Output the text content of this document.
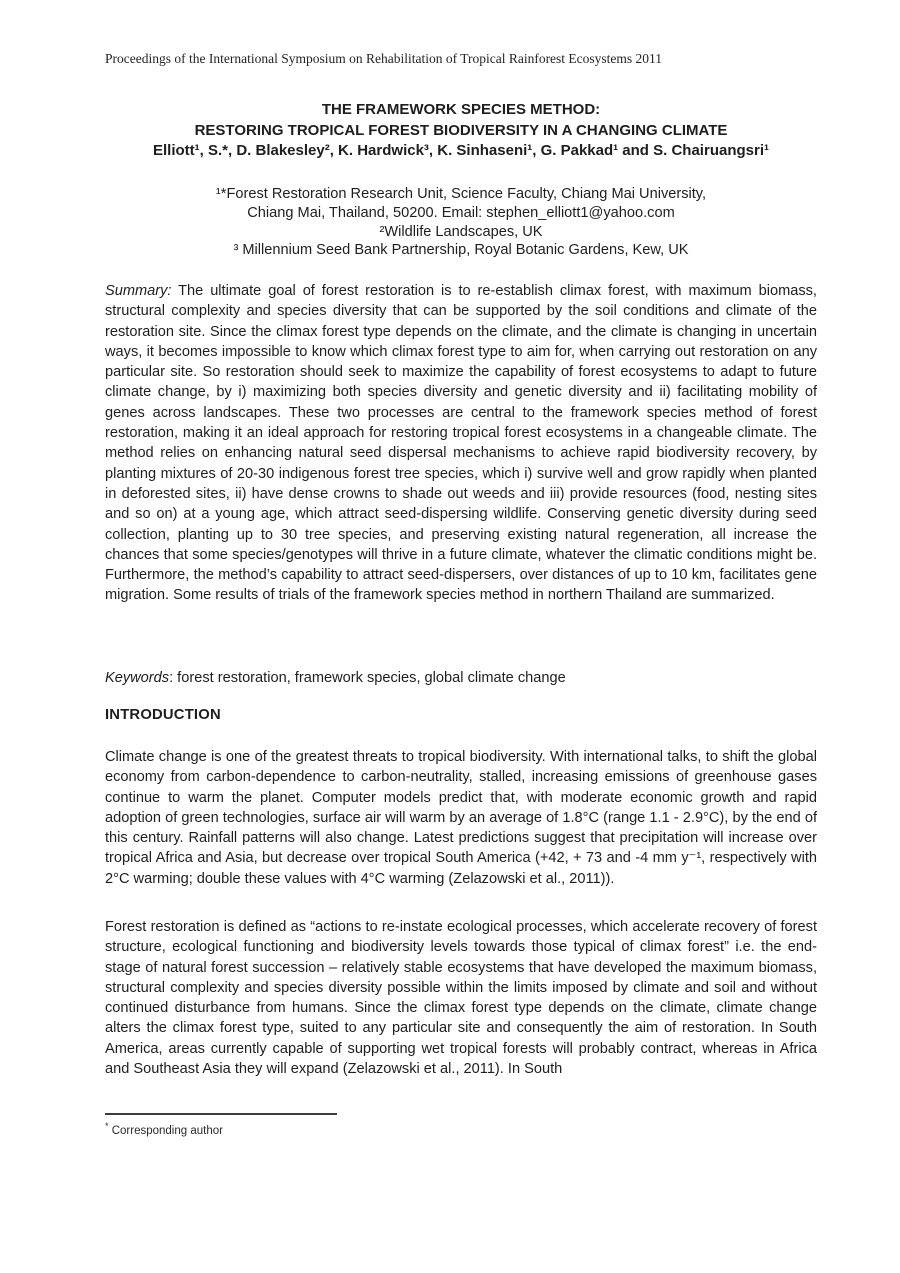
Proceedings of the International Symposium on Rehabilitation of Tropical Rainforest Ecosystems 2011
THE FRAMEWORK SPECIES METHOD:
RESTORING TROPICAL FOREST BIODIVERSITY IN A CHANGING CLIMATE
Elliott¹, S.*, D. Blakesley², K. Hardwick³, K. Sinhaseni¹, G. Pakkad¹ and S. Chairuangsri¹
¹*Forest Restoration Research Unit, Science Faculty, Chiang Mai University,
Chiang Mai, Thailand, 50200. Email: stephen_elliott1@yahoo.com
²Wildlife Landscapes, UK
³ Millennium Seed Bank Partnership, Royal Botanic Gardens, Kew, UK

Summary: The ultimate goal of forest restoration is to re-establish climax forest, with maximum biomass, structural complexity and species diversity that can be supported by the soil conditions and climate of the restoration site. Since the climax forest type depends on the climate, and the climate is changing in uncertain ways, it becomes impossible to know which climax forest type to aim for, when carrying out restoration on any particular site. So restoration should seek to maximize the capability of forest ecosystems to adapt to future climate change, by i) maximizing both species diversity and genetic diversity and ii) facilitating mobility of genes across landscapes. These two processes are central to the framework species method of forest restoration, making it an ideal approach for restoring tropical forest ecosystems in a changeable climate. The method relies on enhancing natural seed dispersal mechanisms to achieve rapid biodiversity recovery, by planting mixtures of 20-30 indigenous forest tree species, which i) survive well and grow rapidly when planted in deforested sites, ii) have dense crowns to shade out weeds and iii) provide resources (food, nesting sites and so on) at a young age, which attract seed-dispersing wildlife. Conserving genetic diversity during seed collection, planting up to 30 tree species, and preserving existing natural regeneration, all increase the chances that some species/genotypes will thrive in a future climate, whatever the climatic conditions might be. Furthermore, the method’s capability to attract seed-dispersers, over distances of up to 10 km, facilitates gene migration. Some results of trials of the framework species method in northern Thailand are summarized.

Keywords: forest restoration, framework species, global climate change

INTRODUCTION

Climate change is one of the greatest threats to tropical biodiversity. With international talks, to shift the global economy from carbon-dependence to carbon-neutrality, stalled, increasing emissions of greenhouse gases continue to warm the planet. Computer models predict that, with moderate economic growth and rapid adoption of green technologies, surface air will warm by an average of 1.8°C (range 1.1 - 2.9°C), by the end of this century. Rainfall patterns will also change. Latest predictions suggest that precipitation will increase over tropical Africa and Asia, but decrease over tropical South America (+42, + 73 and -4 mm y⁻¹, respectively with 2°C warming; double these values with 4°C warming (Zelazowski et al., 2011)).

Forest restoration is defined as “actions to re-instate ecological processes, which accelerate recovery of forest structure, ecological functioning and biodiversity levels towards those typical of climax forest” i.e. the end-stage of natural forest succession – relatively stable ecosystems that have developed the maximum biomass, structural complexity and species diversity possible within the limits imposed by climate and soil and without continued disturbance from humans. Since the climax forest type depends on the climate, climate change alters the climax forest type, suited to any particular site and consequently the aim of restoration. In South America, areas currently capable of supporting wet tropical forests will probably contract, whereas in Africa and Southeast Asia they will expand (Zelazowski et al., 2011). In South

* Corresponding author
